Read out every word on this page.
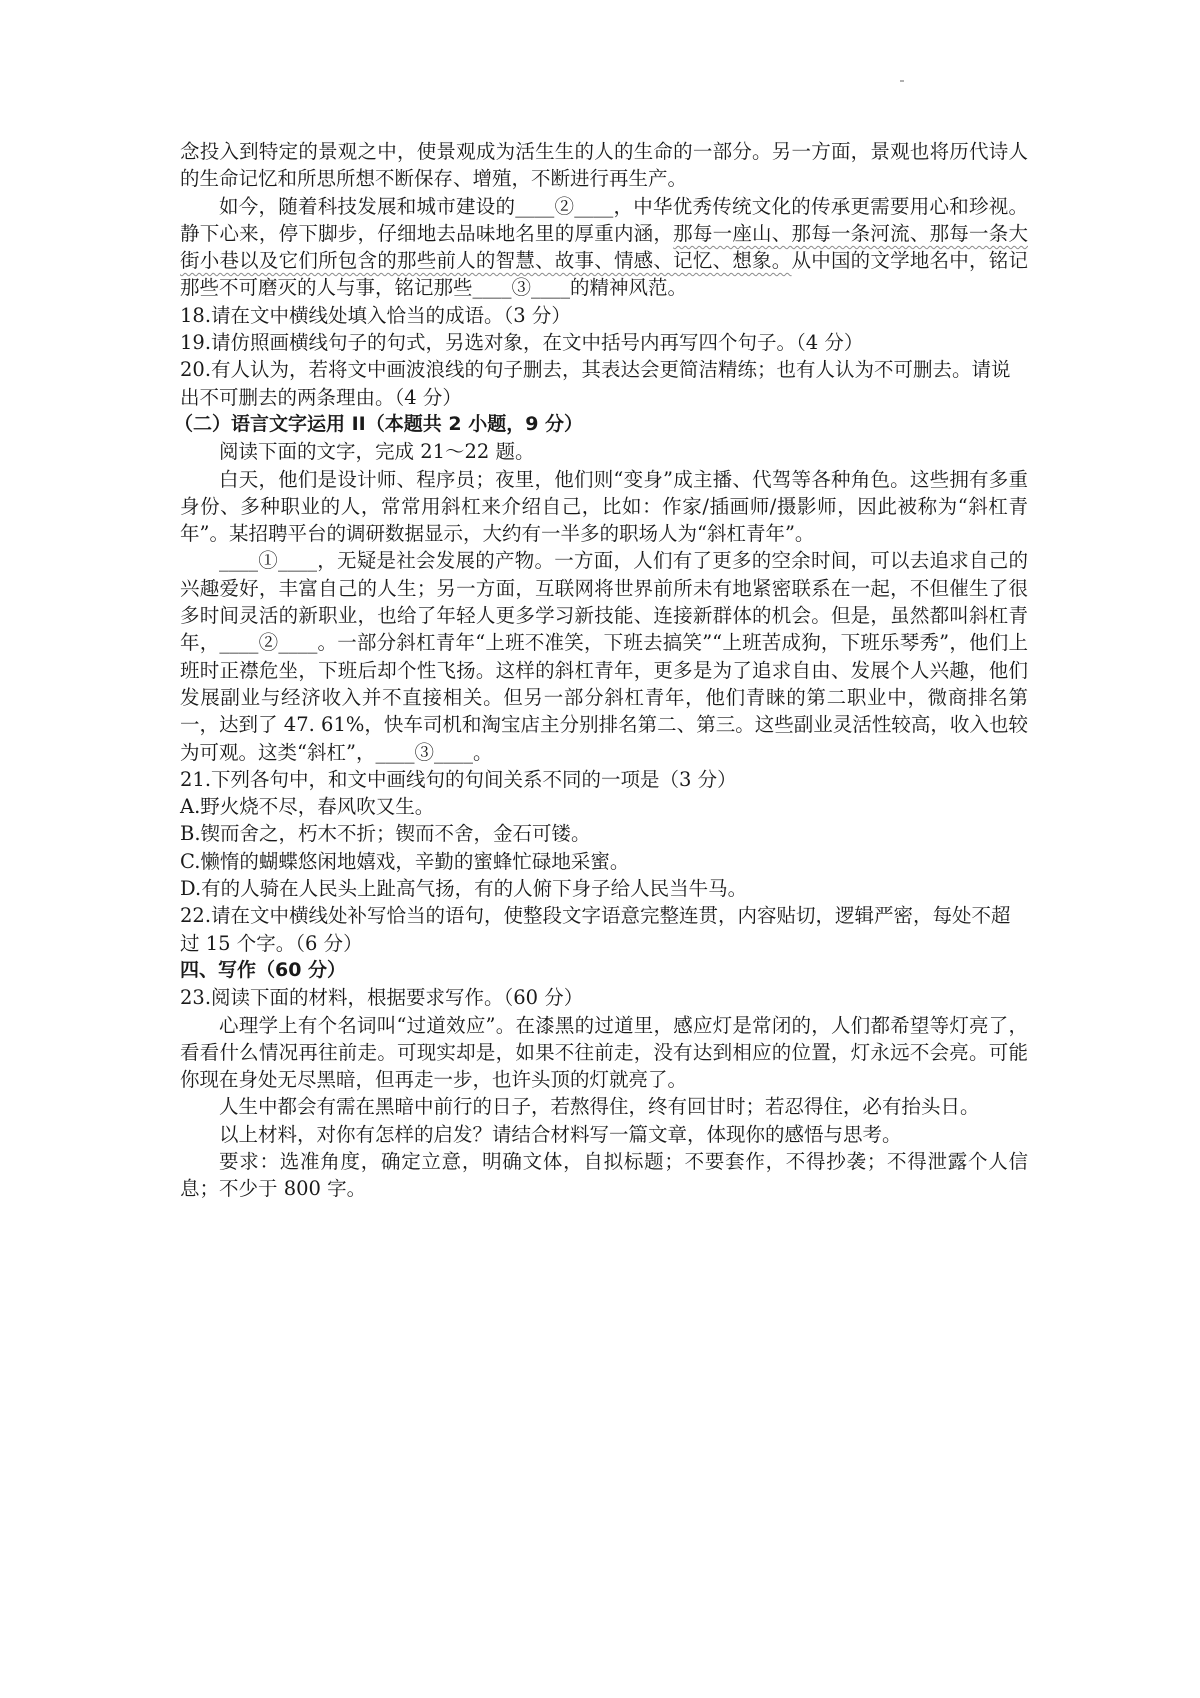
念投入到特定的景观之中，使景观成为活生生的人的生命的一部分。另一方面，景观也将历代诗人的生命记忆和所思所想不断保存、增殖，不断进行再生产。

如今，随着科技发展和城市建设的____②____，中华优秀传统文化的传承更需要用心和珍视。静下心来，停下脚步，仔细地去品味地名里的厚重内涵，那每一座山、那每一条河流、那每一条大街小巷以及它们所包含的那些前人的智慧、故事、情感、记忆、想象。从中国的文学地名中，铭记那些不可磨灭的人与事，铭记那些____③____的精神风范。

18.请在文中横线处填入恰当的成语。（3 分）

19.请仿照画横线句子的句式，另选对象，在文中括号内再写四个句子。（4 分）

20.有人认为，若将文中画波浪线的句子删去，其表达会更简洁精练；也有人认为不可删去。请说出不可删去的两条理由。（4 分）

（二）语言文字运用 II（本题共 2 小题，9 分）

阅读下面的文字，完成 21～22 题。

白天，他们是设计师、程序员；夜里，他们则“变身”成主播、代驾等各种角色。这些拥有多重身份、多种职业的人，常常用斜杠来介绍自己，比如：作家/插画师/摄影师，因此被称为“斜杠青年”。某招聘平台的调研数据显示，大约有一半多的职场人为“斜杠青年”。

____①____，无疑是社会发展的产物。一方面，人们有了更多的空余时间，可以去追求自己的兴趣爱好，丰富自己的人生；另一方面，互联网将世界前所未有地紧密联系在一起，不但催生了很多时间灵活的新职业，也给了年轻人更多学习新技能、连接新群体的机会。但是，虽然都叫斜杠青年，____②____。一部分斜杠青年“上班不准笑，下班去搞笑”“上班苦成狗，下班乐琴秀”，他们上班时正襟危坐，下班后却个性飞扬。这样的斜杠青年，更多是为了追求自由、发展个人兴趣，他们发展副业与经济收入并不直接相关。但另一部分斜杠青年，他们青睐的第二职业中，微商排名第一，达到了 47. 61%，快车司机和淘宝店主分别排名第二、第三。这些副业灵活性较高，收入也较为可观。这类“斜杠”，____③____。

21.下列各句中，和文中画线句的句间关系不同的一项是（3 分）

A.野火烧不尽，春风吹又生。

B.锲而舍之，朽木不折；锲而不舍，金石可镂。

C.懒惰的蝴蝶悠闲地嬉戏，辛勤的蜜蜂忙碌地采蜜。

D.有的人骑在人民头上趾高气扬，有的人俯下身子给人民当牛马。

22.请在文中横线处补写恰当的语句，使整段文字语意完整连贯，内容贴切，逻辑严密，每处不超过 15 个字。（6 分）

四、写作（60 分）

23.阅读下面的材料，根据要求写作。（60 分）

心理学上有个名词叫“过道效应”。在漆黑的过道里，感应灯是常闭的，人们都希望等灯亮了，看看什么情况再往前走。可现实却是，如果不往前走，没有达到相应的位置，灯永远不会亮。可能你现在身处无尽黑暗，但再走一步，也许头顶的灯就亮了。

人生中都会有需在黑暗中前行的日子，若熬得住，终有回甘时；若忍得住，必有抬头日。

以上材料，对你有怎样的启发？请结合材料写一篇文章，体现你的感悟与思考。

要求：选准角度，确定立意，明确文体，自拟标题；不要套作，不得抄袭；不得泄露个人信息；不少于 800 字。
